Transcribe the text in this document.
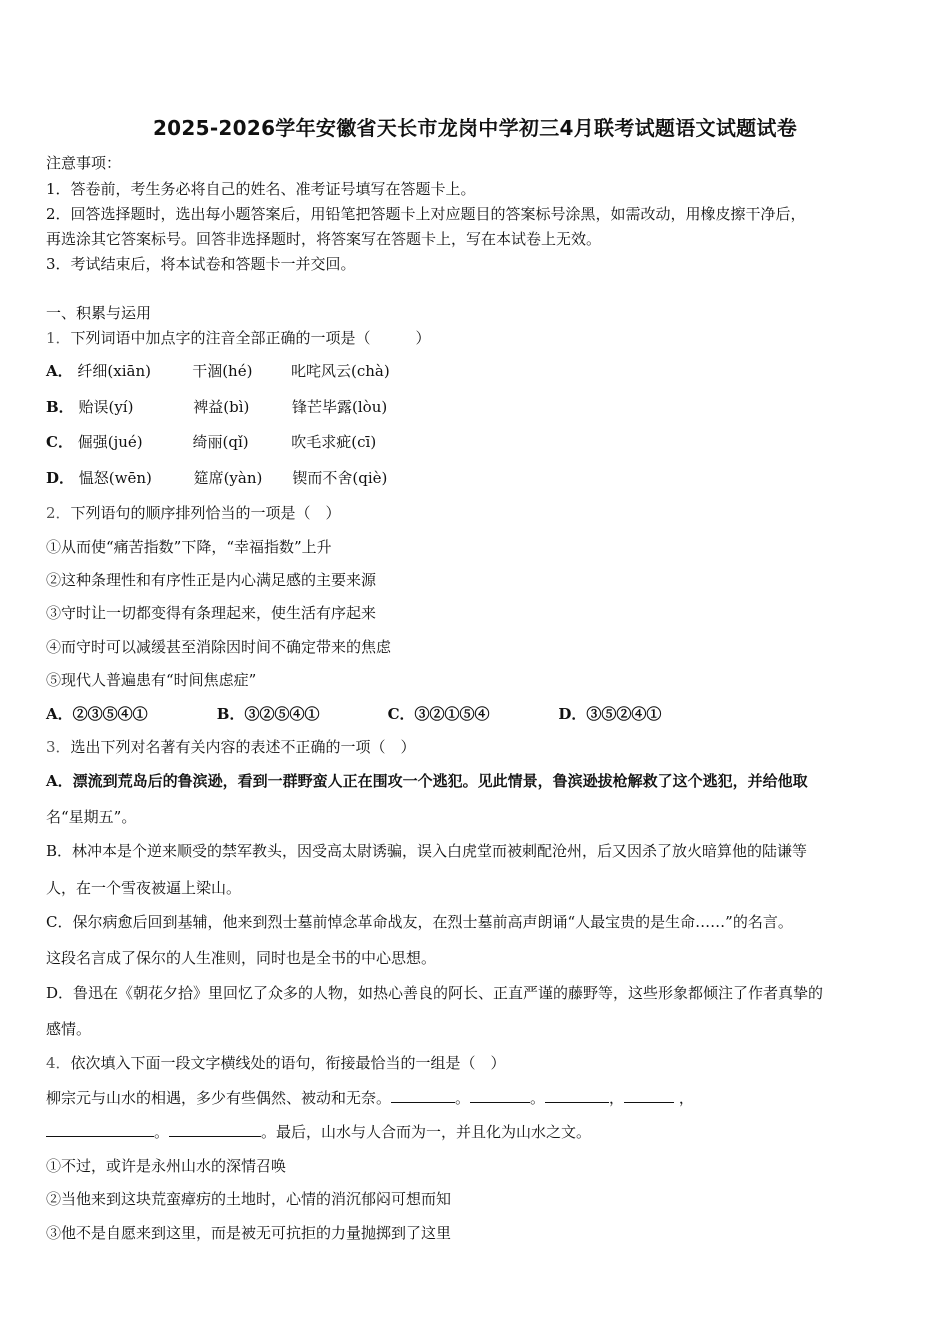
2025-2026学年安徽省天长市龙岗中学初三4月联考试题语文试题试卷
注意事项：
1．答卷前，考生务必将自己的姓名、准考证号填写在答题卡上。
2．回答选择题时，选出每小题答案后，用铅笔把答题卡上对应题目的答案标号涂黑，如需改动，用橡皮擦干净后，
再选涂其它答案标号。回答非选择题时，将答案写在答题卡上，写在本试卷上无效。
3．考试结束后，将本试卷和答题卡一并交回。
一、积累与运用
1．下列词语中加点字的注音全部正确的一项是（　　　）
A． 纤细(xiān)	干涸(hé)	叱咤风云(chà)
B． 贻误(yí)	裨益(bì)	锋芒毕露(lòu)
C． 倔强(jué)	绮丽(qǐ)	吹毛求疵(cī)
D． 愠怒(wēn)	筵席(yàn) 锲而不舍(qiè)
2．下列语句的顺序排列恰当的一项是（　）
①从而使“痛苦指数”下降，“幸福指数”上升
②这种条理性和有序性正是内心满足感的主要来源
③守时让一切都变得有条理起来，使生活有序起来
④而守时可以减缓甚至消除因时间不确定带来的焦虑
⑤现代人普遍患有“时间焦虑症”
A．②③⑤④①	B．③②⑤④①	C．③②①⑤④	D．③⑤②④①
3．选出下列对名著有关内容的表述不正确的一项（　）
A．漂流到荒岛后的鲁滨逊，看到一群野蛮人正在围攻一个逃犯。见此情景，鲁滨逊拔枪解救了这个逃犯，并给他取
名“星期五”。
B．林冲本是个逆来顺受的禁军教头，因受高太尉诱骗，误入白虎堂而被刺配沧州，后又因杀了放火暗算他的陆谦等
人，在一个雪夜被逼上梁山。
C．保尔病愈后回到基辅，他来到烈士墓前悼念革命战友，在烈士墓前高声朗诵“人最宝贵的是生命……”的名言。
这段名言成了保尔的人生准则，同时也是全书的中心思想。
D．鲁迅在《朝花夕拾》里回忆了众多的人物，如热心善良的阿长、正直严谨的藤野等，这些形象都倾注了作者真挚的
感情。
4．依次填入下面一段文字横线处的语句，衔接最恰当的一组是（　）
柳宗元与山水的相遇，多少有些偶然、被动和无奈。	。	。	，	，
。	。最后，山水与人合而为一，并且化为山水之文。
①不过，或许是永州山水的深情召唤
②当他来到这块荒蛮瘴疠的土地时，心情的消沉郁闷可想而知
③他不是自愿来到这里，而是被无可抗拒的力量抛掷到了这里
